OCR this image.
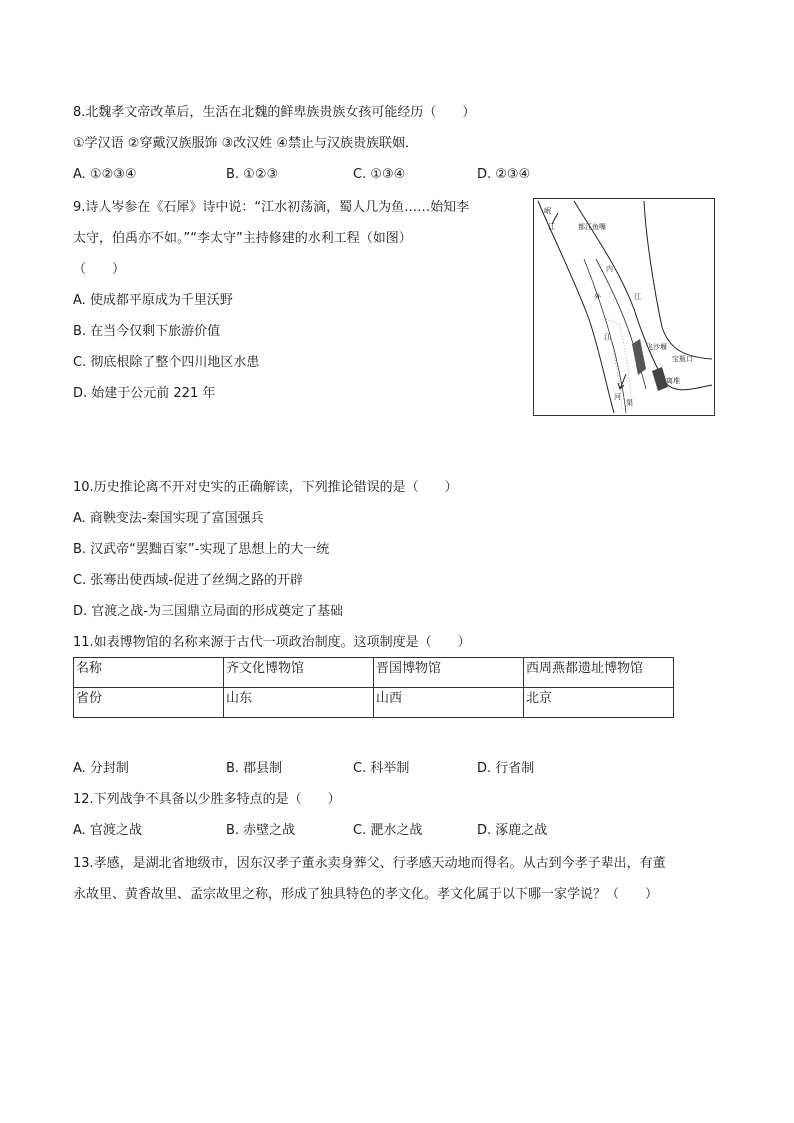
8.北魏孝文帝改革后，生活在北魏的鲜卑族贵族女孩可能经历（　　）
①学汉语 ②穿戴汉族服饰 ③改汉姓 ④禁止与汉族贵族联姻．
A. ①②③④	B. ①②③	C. ①③④	D. ②③④
9.诗人岑参在《石犀》诗中说：“江水初荡滴，蜀人几为鱼……始知李
太守，伯禹亦不如。”“李太守”主持修建的水利工程（如图）
（　　）
A. 使成都平原成为千里沃野
B. 在当今仅剩下旅游价值
C. 彻底根除了整个四川地区水患
D. 始建于公元前 221 年
岷
江	都江鱼嘴
外
内
江
江
飞沙堰
宝瓶口
离堆
河
渠
10.历史推论离不开对史实的正确解读，下列推论错误的是（　　）
A. 商鞅变法-秦国实现了富国强兵
B. 汉武帝“罢黜百家”-实现了思想上的大一统
C. 张骞出使西域-促进了丝绸之路的开辟
D. 官渡之战-为三国鼎立局面的形成奠定了基础
11.如表博物馆的名称来源于古代一项政治制度。这项制度是（　　）
名称	齐文化博物馆	晋国博物馆	西周燕都遗址博物馆
省份	山东	山西	北京
A. 分封制	B. 郡县制	C. 科举制	D. 行省制
12.下列战争不具备以少胜多特点的是（　　）
A. 官渡之战	B. 赤壁之战	C. 淝水之战	D. 涿鹿之战
13.孝感，是湖北省地级市，因东汉孝子董永卖身葬父、行孝感天动地而得名。从古到今孝子辈出，有董
永故里、黄香故里、孟宗故里之称，形成了独具特色的孝文化。孝文化属于以下哪一家学说？（　　）
